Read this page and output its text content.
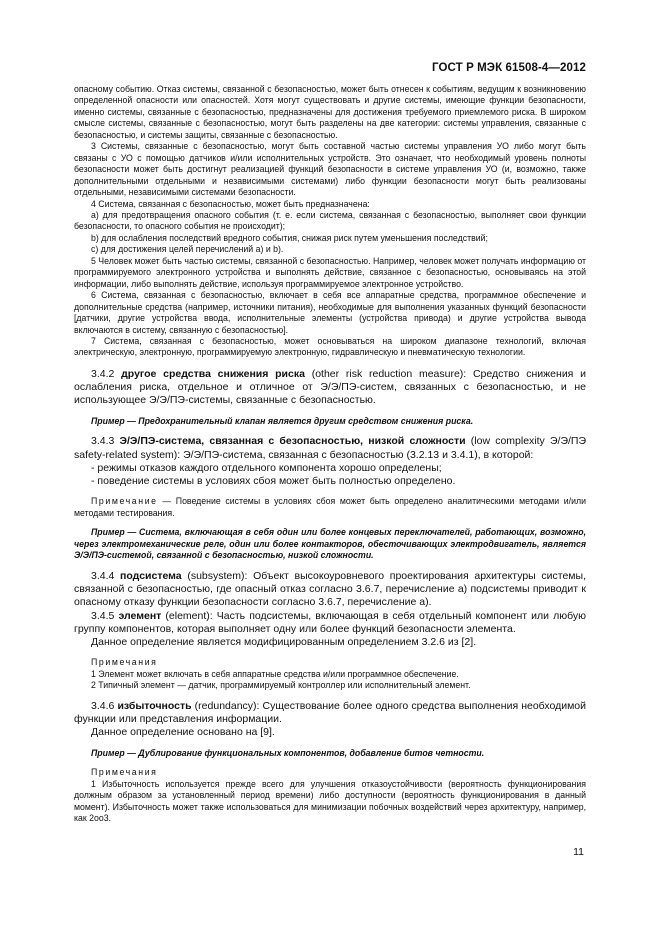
ГОСТ Р МЭК 61508-4—2012

опасному событию. Отказ системы, связанной с безопасностью, может быть отнесен к событиям, ведущим к возникновению определенной опасности или опасностей. Хотя могут существовать и другие системы, имеющие функции безопасности, именно системы, связанные с безопасностью, предназначены для достижения требуемого приемлемого риска. В широком смысле системы, связанные с безопасностью, могут быть разделены на две категории: системы управления, связанные с безопасностью, и системы защиты, связанные с безопасностью.

3 Системы, связанные с безопасностью, могут быть составной частью системы управления УО либо могут быть связаны с УО с помощью датчиков и/или исполнительных устройств. Это означает, что необходимый уровень полноты безопасности может быть достигнут реализацией функций безопасности в системе управления УО (и, возможно, также дополнительными отдельными и независимыми системами) либо функции безопасности могут быть реализованы отдельными, независимыми системами безопасности.

4 Система, связанная с безопасностью, может быть предназначена:

a) для предотвращения опасного события (т. е. если система, связанная с безопасностью, выполняет свои функции безопасности, то опасного события не происходит);

b) для ослабления последствий вредного события, снижая риск путем уменьшения последствий;

c) для достижения целей перечислений a) и b).

5 Человек может быть частью системы, связанной с безопасностью. Например, человек может получать информацию от программируемого электронного устройства и выполнять действие, связанное с безопасностью, основываясь на этой информации, либо выполнять действие, используя программируемое электронное устройство.

6 Система, связанная с безопасностью, включает в себя все аппаратные средства, программное обеспечение и дополнительные средства (например, источники питания), необходимые для выполнения указанных функций безопасности [датчики, другие устройства ввода, исполнительные элементы (устройства привода) и другие устройства вывода включаются в систему, связанную с безопасностью].

7 Система, связанная с безопасностью, может основываться на широком диапазоне технологий, включая электрическую, электронную, программируемую электронную, гидравлическую и пневматическую технологии.

3.4.2 другое средства снижения риска (other risk reduction measure): Средство снижения и ослабления риска, отдельное и отличное от Э/Э/ПЭ-систем, связанных с безопасностью, и не использующее Э/Э/ПЭ-системы, связанные с безопасностью.

Пример — Предохранительный клапан является другим средством снижения риска.

3.4.3 Э/Э/ПЭ-система, связанная с безопасностью, низкой сложности (low complexity Э/Э/ПЭ safety-related system): Э/Э/ПЭ-система, связанная с безопасностью (3.2.13 и 3.4.1), в которой:

- режимы отказов каждого отдельного компонента хорошо определены;

- поведение системы в условиях сбоя может быть полностью определено.

Примечание — Поведение системы в условиях сбоя может быть определено аналитическими методами и/или методами тестирования.

Пример — Система, включающая в себя один или более концевых переключателей, работающих, возможно, через электромеханические реле, один или более контакторов, обесточивающих электродвигатель, является Э/Э/ПЭ-системой, связанной с безопасностью, низкой сложности.

3.4.4 подсистема (subsystem): Объект высокоуровневого проектирования архитектуры системы, связанной с безопасностью, где опасный отказ согласно 3.6.7, перечисление a) подсистемы приводит к опасному отказу функции безопасности согласно 3.6.7, перечисление a).

3.4.5 элемент (element): Часть подсистемы, включающая в себя отдельный компонент или любую группу компонентов, которая выполняет одну или более функций безопасности элемента.

Данное определение является модифицированным определением 3.2.6 из [2].

Примечания

1 Элемент может включать в себя аппаратные средства и/или программное обеспечение.

2 Типичный элемент — датчик, программируемый контроллер или исполнительный элемент.

3.4.6 избыточность (redundancy): Существование более одного средства выполнения необходимой функции или представления информации.

Данное определение основано на [9].

Пример — Дублирование функциональных компонентов, добавление битов четности.

Примечания

1 Избыточность используется прежде всего для улучшения отказоустойчивости (вероятность функционирования должным образом за установленный период времени) либо доступности (вероятность функционирования в данный момент). Избыточность может также использоваться для минимизации побочных воздействий через архитектуру, например, как 2оо3.

11
